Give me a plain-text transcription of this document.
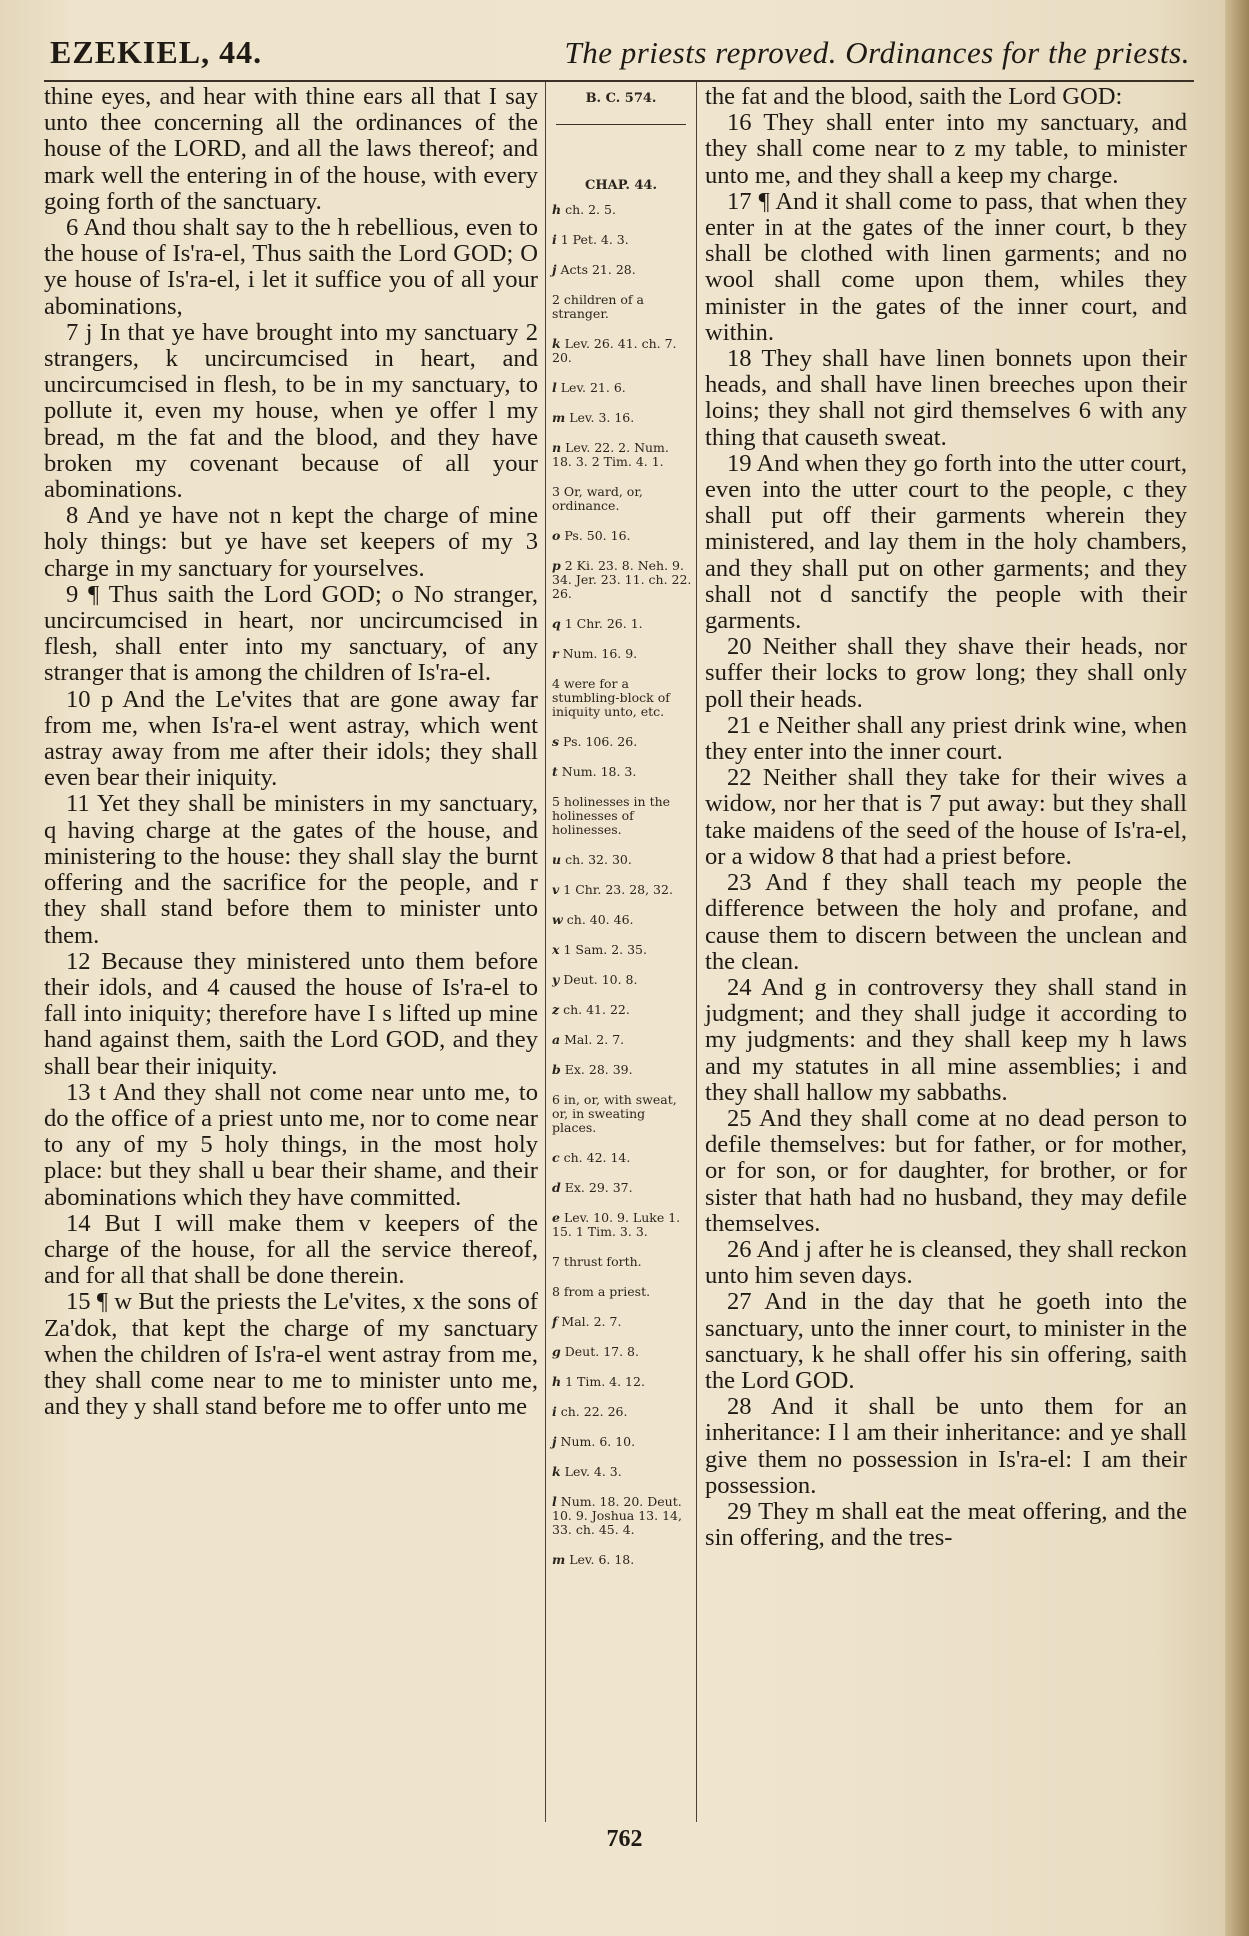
EZEKIEL, 44.	The priests reproved. Ordinances for the priests.

thine eyes, and hear with thine ears all that I say unto thee concerning all the ordinances of the house of the LORD, and all the laws thereof; and mark well the entering in of the house, with every going forth of the sanctuary.

6 And thou shalt say to the h rebellious, even to the house of Is'ra-el, Thus saith the Lord GOD; O ye house of Is'ra-el, i let it suffice you of all your abominations,

7 j In that ye have brought into my sanctuary 2 strangers, k uncircumcised in heart, and uncircumcised in flesh, to be in my sanctuary, to pollute it, even my house, when ye offer l my bread, m the fat and the blood, and they have broken my covenant because of all your abominations.

8 And ye have not n kept the charge of mine holy things: but ye have set keepers of my 3 charge in my sanctuary for yourselves.

9 ¶ Thus saith the Lord GOD; o No stranger, uncircumcised in heart, nor uncircumcised in flesh, shall enter into my sanctuary, of any stranger that is among the children of Is'ra-el.

10 p And the Le'vites that are gone away far from me, when Is'ra-el went astray, which went astray away from me after their idols; they shall even bear their iniquity.

11 Yet they shall be ministers in my sanctuary, q having charge at the gates of the house, and ministering to the house: they shall slay the burnt offering and the sacrifice for the people, and r they shall stand before them to minister unto them.

12 Because they ministered unto them before their idols, and 4 caused the house of Is'ra-el to fall into iniquity; therefore have I s lifted up mine hand against them, saith the Lord GOD, and they shall bear their iniquity.

13 t And they shall not come near unto me, to do the office of a priest unto me, nor to come near to any of my 5 holy things, in the most holy place: but they shall u bear their shame, and their abominations which they have committed.

14 But I will make them v keepers of the charge of the house, for all the service thereof, and for all that shall be done therein.

15 ¶ w But the priests the Le'vites, x the sons of Za'dok, that kept the charge of my sanctuary when the children of Is'ra-el went astray from me, they shall come near to me to minister unto me, and they y shall stand before me to offer unto me

B. C. 574.
CHAP. 44.
h ch. 2. 5.
i 1 Pet. 4. 3.
j Acts 21. 28.
2 children of a stranger.
k Lev. 26. 41. ch. 7. 20.
l Lev. 21. 6.
m Lev. 3. 16.
n Lev. 22. 2. Num. 18. 3. 2 Tim. 4. 1.
3 Or, ward, or, ordinance.
o Ps. 50. 16.
p 2 Ki. 23. 8. Neh. 9. 34. Jer. 23. 11. ch. 22. 26.
q 1 Chr. 26. 1.
r Num. 16. 9.
4 were for a stumbling-block of iniquity unto, etc.
s Ps. 106. 26.
t Num. 18. 3.
5 holinesses in the holinesses of holinesses.
u ch. 32. 30.
v 1 Chr. 23. 28, 32.
w ch. 40. 46.
x 1 Sam. 2. 35.
y Deut. 10. 8.
z ch. 41. 22.
a Mal. 2. 7.
b Ex. 28. 39.
6 in, or, with sweat, or, in sweating places.
c ch. 42. 14.
d Ex. 29. 37.
e Lev. 10. 9. Luke 1. 15. 1 Tim. 3. 3.
7 thrust forth.
8 from a priest.
f Mal. 2. 7.
g Deut. 17. 8.
h 1 Tim. 4. 12.
i ch. 22. 26.
j Num. 6. 10.
k Lev. 4. 3.
l Num. 18. 20. Deut. 10. 9. Joshua 13. 14, 33. ch. 45. 4.
m Lev. 6. 18.

the fat and the blood, saith the Lord GOD:

16 They shall enter into my sanctuary, and they shall come near to z my table, to minister unto me, and they shall a keep my charge.

17 ¶ And it shall come to pass, that when they enter in at the gates of the inner court, b they shall be clothed with linen garments; and no wool shall come upon them, whiles they minister in the gates of the inner court, and within.

18 They shall have linen bonnets upon their heads, and shall have linen breeches upon their loins; they shall not gird themselves 6 with any thing that causeth sweat.

19 And when they go forth into the utter court, even into the utter court to the people, c they shall put off their garments wherein they ministered, and lay them in the holy chambers, and they shall put on other garments; and they shall not d sanctify the people with their garments.

20 Neither shall they shave their heads, nor suffer their locks to grow long; they shall only poll their heads.

21 e Neither shall any priest drink wine, when they enter into the inner court.

22 Neither shall they take for their wives a widow, nor her that is 7 put away: but they shall take maidens of the seed of the house of Is'ra-el, or a widow 8 that had a priest before.

23 And f they shall teach my people the difference between the holy and profane, and cause them to discern between the unclean and the clean.

24 And g in controversy they shall stand in judgment; and they shall judge it according to my judgments: and they shall keep my h laws and my statutes in all mine assemblies; i and they shall hallow my sabbaths.

25 And they shall come at no dead person to defile themselves: but for father, or for mother, or for son, or for daughter, for brother, or for sister that hath had no husband, they may defile themselves.

26 And j after he is cleansed, they shall reckon unto him seven days.

27 And in the day that he goeth into the sanctuary, unto the inner court, to minister in the sanctuary, k he shall offer his sin offering, saith the Lord GOD.

28 And it shall be unto them for an inheritance: I l am their inheritance: and ye shall give them no possession in Is'ra-el: I am their possession.

29 They m shall eat the meat offering, and the sin offering, and the tres-

762
